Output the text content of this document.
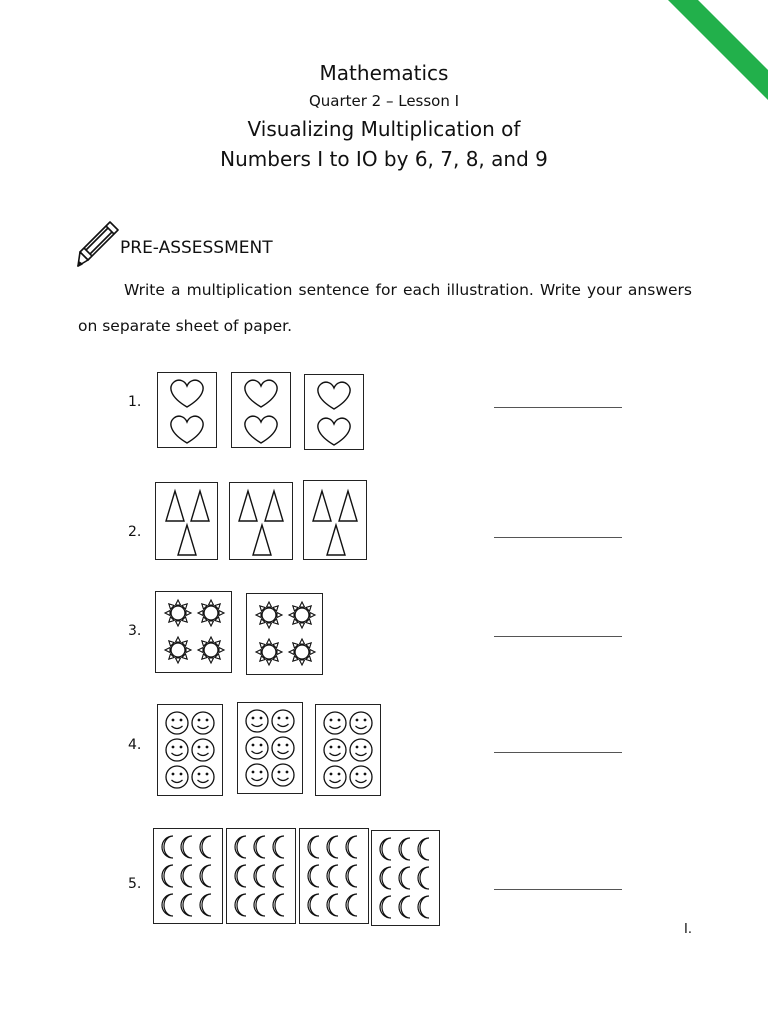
Mathematics
Quarter 2 – Lesson I
Visualizing Multiplication of
Numbers I to IO by 6, 7, 8, and 9
PRE-ASSESSMENT
Write a multiplication sentence for each illustration. Write your answers on separate sheet of paper.
1.
2.
3.
4.
5.
I.
